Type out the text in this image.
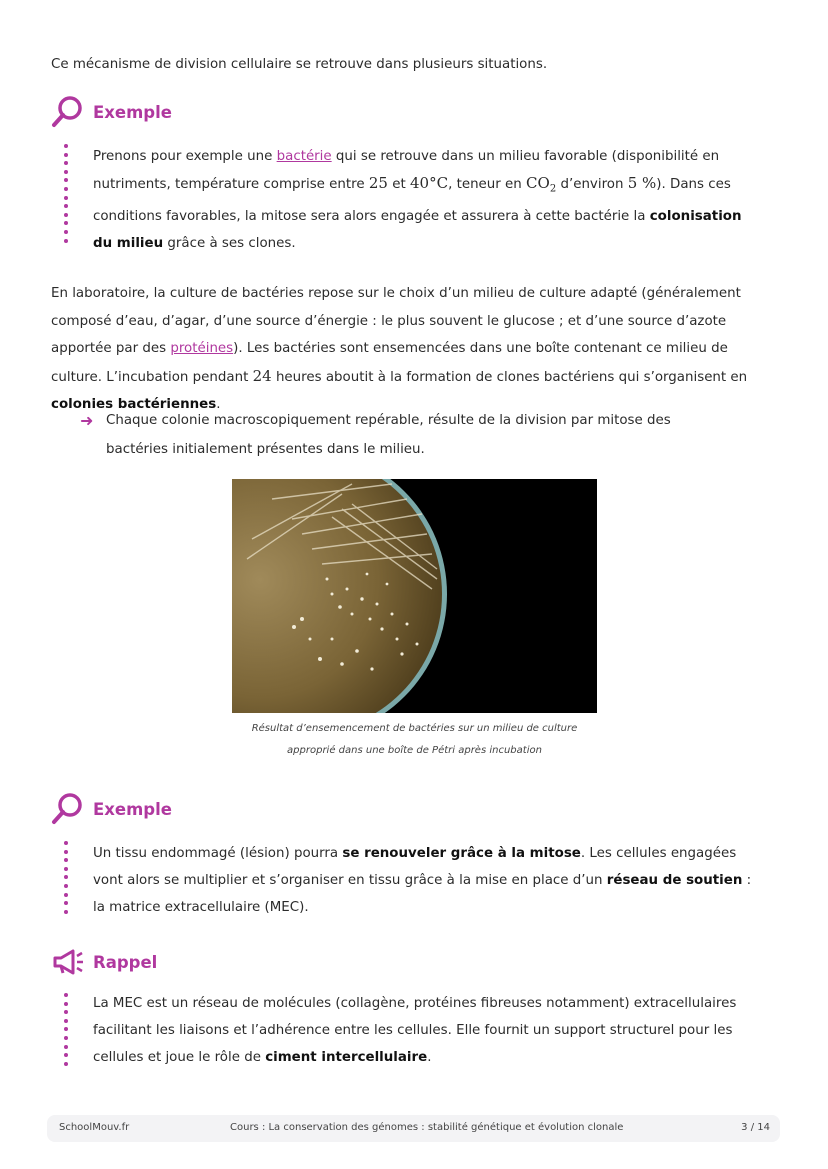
Ce mécanisme de division cellulaire se retrouve dans plusieurs situations.

Exemple

Prenons pour exemple une bactérie qui se retrouve dans un milieu favorable (disponibilité en nutriments, température comprise entre 25 et 40°C, teneur en $CO_2$ d’environ 5 %). Dans ces conditions favorables, la mitose sera alors engagée et assurera à cette bactérie la colonisation du milieu grâce à ses clones.

En laboratoire, la culture de bactéries repose sur le choix d’un milieu de culture adapté (généralement composé d’eau, d’agar, d’une source d’énergie : le plus souvent le glucose ; et d’une source d’azote apportée par des protéines). Les bactéries sont ensemencées dans une boîte contenant ce milieu de culture. L’incubation pendant 24 heures aboutit à la formation de clones bactériens qui s’organisent en colonies bactériennes.

➜ Chaque colonie macroscopiquement repérable, résulte de la division par mitose des bactéries initialement présentes dans le milieu.
Résultat d’ensemencement de bactéries sur un milieu de culture
approprié dans une boîte de Pétri après incubation
Exemple

Un tissu endommagé (lésion) pourra se renouveler grâce à la mitose. Les cellules engagées vont alors se multiplier et s’organiser en tissu grâce à la mise en place d’un réseau de soutien : la matrice extracellulaire (MEC).

Rappel

La MEC est un réseau de molécules (collagène, protéines fibreuses notamment) extracellulaires facilitant les liaisons et l’adhérence entre les cellules. Elle fournit un support structurel pour les cellules et joue le rôle de ciment intercellulaire.

SchoolMouv.fr	Cours : La conservation des génomes : stabilité génétique et évolution clonale	3 / 14
